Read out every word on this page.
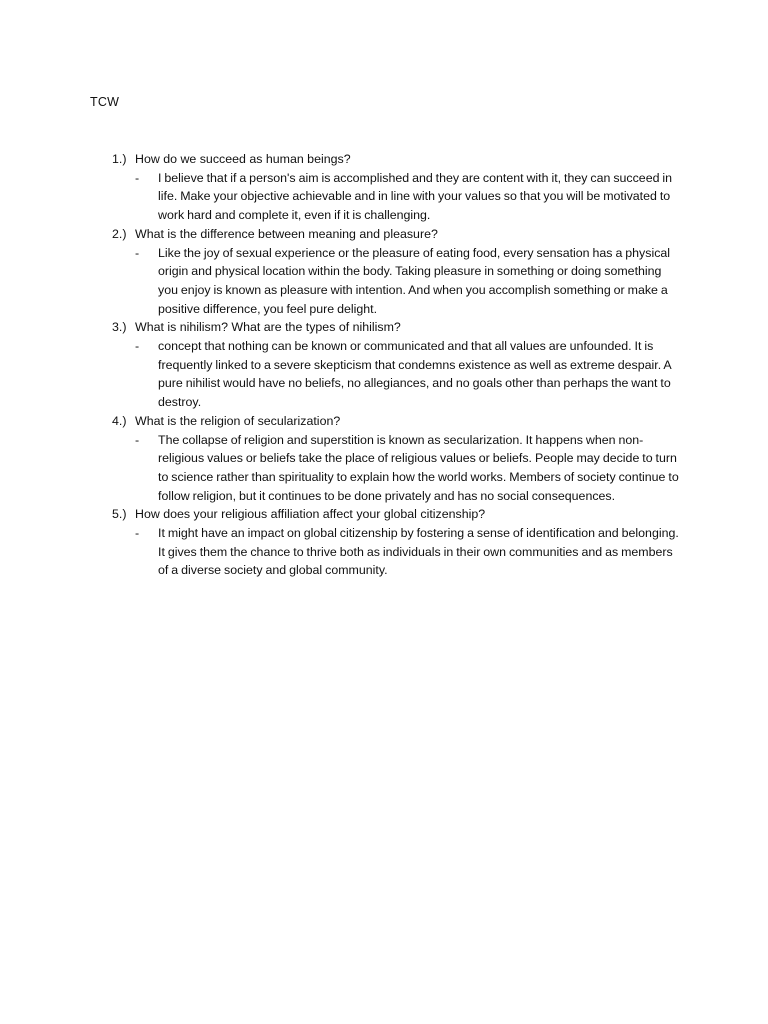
TCW
1.) How do we succeed as human beings?
-	I believe that if a person's aim is accomplished and they are content with it, they can succeed in life. Make your objective achievable and in line with your values so that you will be motivated to work hard and complete it, even if it is challenging.
2.) What is the difference between meaning and pleasure?
-	Like the joy of sexual experience or the pleasure of eating food, every sensation has a physical origin and physical location within the body. Taking pleasure in something or doing something you enjoy is known as pleasure with intention. And when you accomplish something or make a positive difference, you feel pure delight.
3.) What is nihilism? What are the types of nihilism?
-	concept that nothing can be known or communicated and that all values are unfounded. It is frequently linked to a severe skepticism that condemns existence as well as extreme despair. A pure nihilist would have no beliefs, no allegiances, and no goals other than perhaps the want to destroy.
4.) What is the religion of secularization?
-	The collapse of religion and superstition is known as secularization. It happens when non-religious values or beliefs take the place of religious values or beliefs. People may decide to turn to science rather than spirituality to explain how the world works. Members of society continue to follow religion, but it continues to be done privately and has no social consequences.
5.) How does your religious affiliation affect your global citizenship?
-	It might have an impact on global citizenship by fostering a sense of identification and belonging. It gives them the chance to thrive both as individuals in their own communities and as members of a diverse society and global community.
